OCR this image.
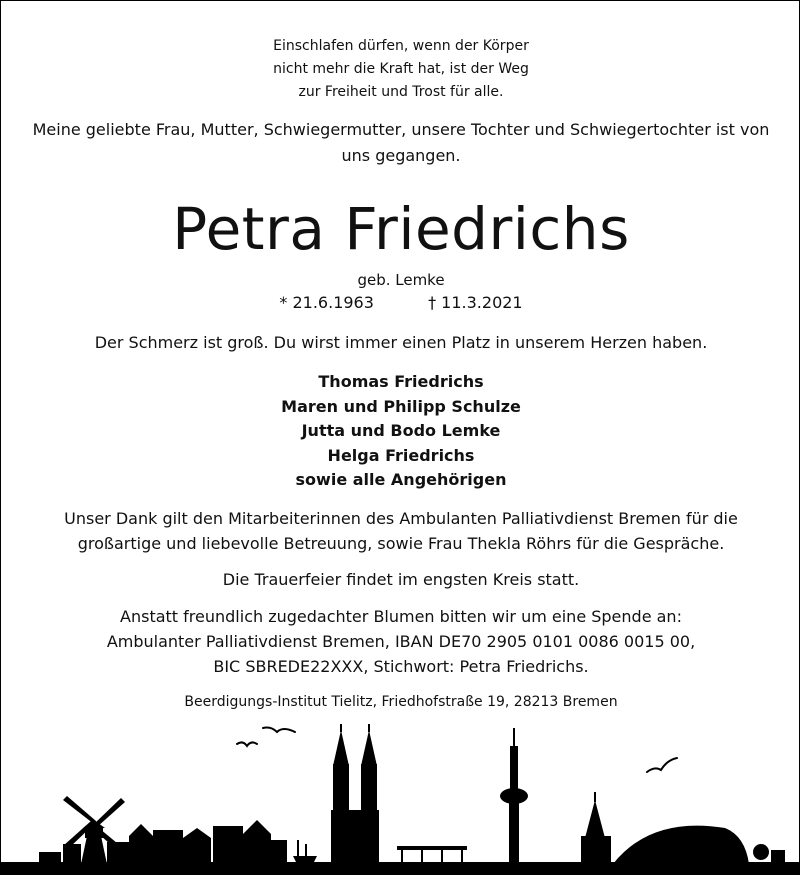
Einschlafen dürfen, wenn der Körper
nicht mehr die Kraft hat, ist der Weg
zur Freiheit und Trost für alle.
Meine geliebte Frau, Mutter, Schwiegermutter, unsere Tochter und Schwiegertochter ist von
uns gegangen.
Petra Friedrichs
geb. Lemke
* 21.6.1963	† 11.3.2021
Der Schmerz ist groß. Du wirst immer einen Platz in unserem Herzen haben.
Thomas Friedrichs
Maren und Philipp Schulze
Jutta und Bodo Lemke
Helga Friedrichs
sowie alle Angehörigen
Unser Dank gilt den Mitarbeiterinnen des Ambulanten Palliativdienst Bremen für die
großartige und liebevolle Betreuung, sowie Frau Thekla Röhrs für die Gespräche.
Die Trauerfeier findet im engsten Kreis statt.
Anstatt freundlich zugedachter Blumen bitten wir um eine Spende an:
Ambulanter Palliativdienst Bremen, IBAN DE70 2905 0101 0086 0015 00,
BIC SBREDE22XXX, Stichwort: Petra Friedrichs.
Beerdigungs-Institut Tielitz, Friedhofstraße 19, 28213 Bremen
